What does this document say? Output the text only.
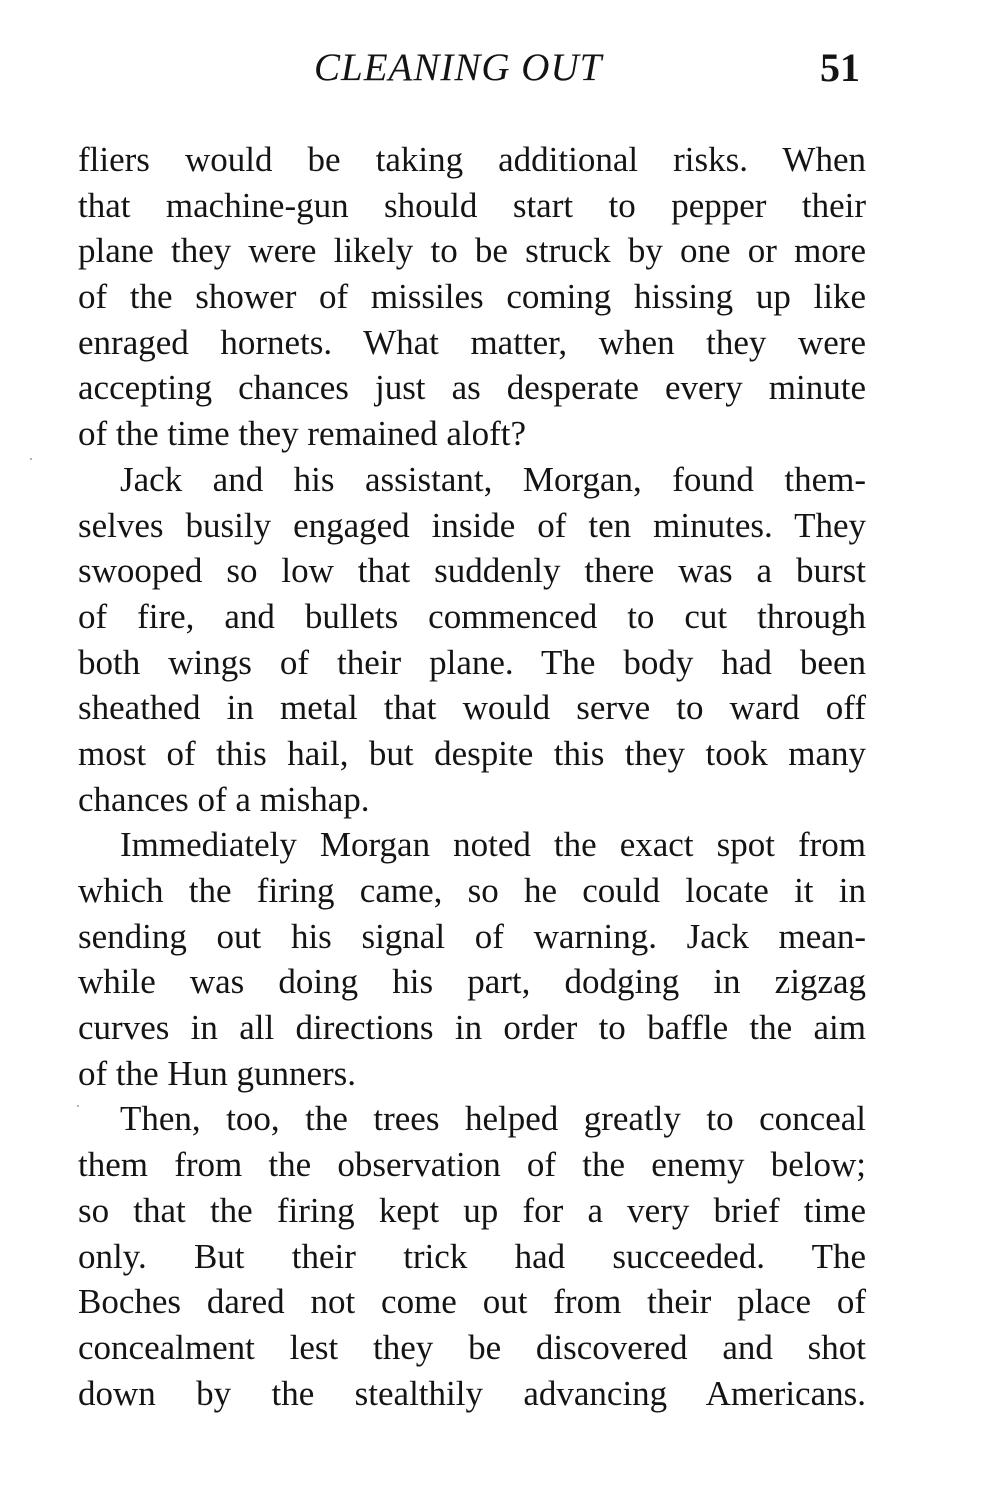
CLEANING OUT	51
fliers would be taking additional risks. When
that machine-gun should start to pepper their
plane they were likely to be struck by one or more
of the shower of missiles coming hissing up like
enraged hornets. What matter, when they were
accepting chances just as desperate every minute
of the time they remained aloft?
Jack and his assistant, Morgan, found them-
selves busily engaged inside of ten minutes. They
swooped so low that suddenly there was a burst
of fire, and bullets commenced to cut through
both wings of their plane. The body had been
sheathed in metal that would serve to ward off
most of this hail, but despite this they took many
chances of a mishap.
Immediately Morgan noted the exact spot from
which the firing came, so he could locate it in
sending out his signal of warning. Jack mean-
while was doing his part, dodging in zigzag
curves in all directions in order to baffle the aim
of the Hun gunners.
Then, too, the trees helped greatly to conceal
them from the observation of the enemy below;
so that the firing kept up for a very brief time
only. But their trick had succeeded. The
Boches dared not come out from their place of
concealment lest they be discovered and shot
down by the stealthily advancing Americans.
